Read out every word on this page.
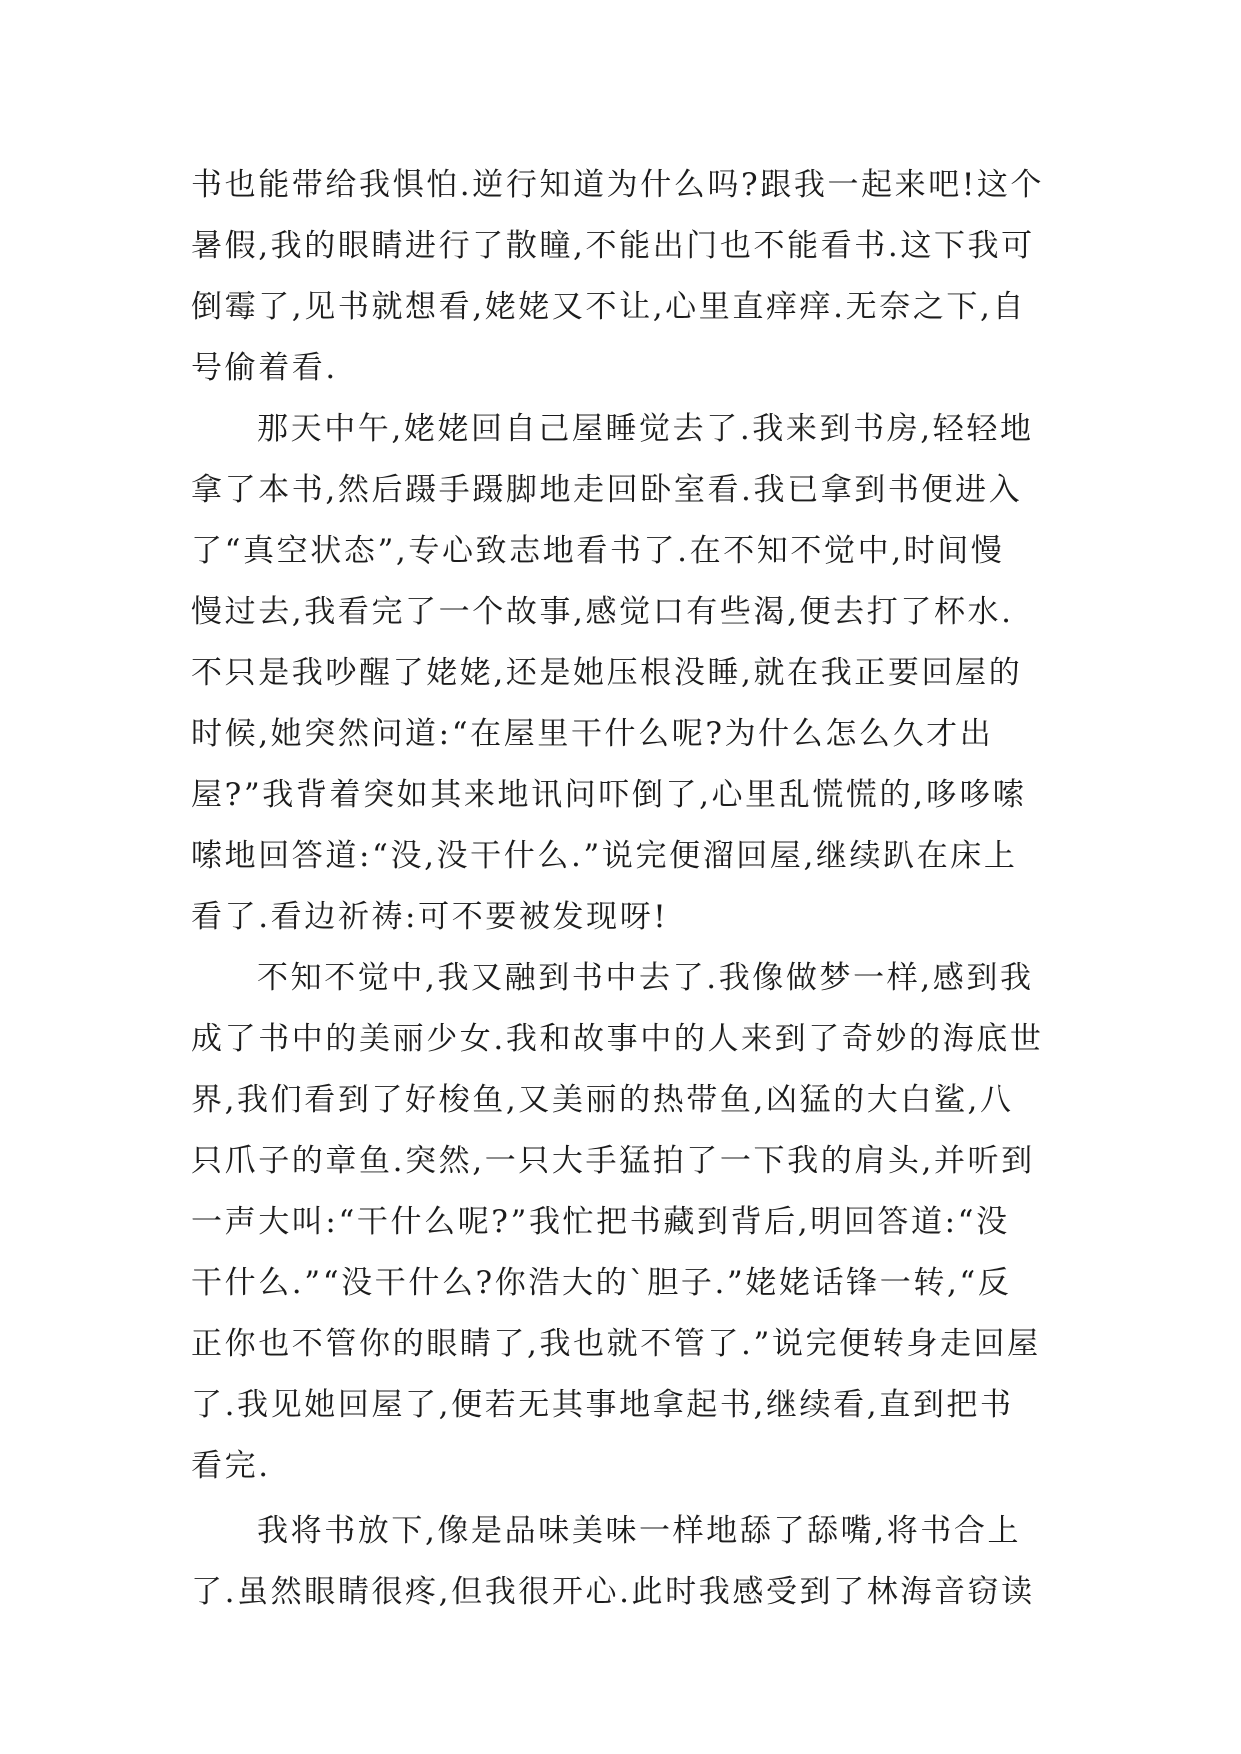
书也能带给我惧怕.逆行知道为什么吗?跟我一起来吧!这个
暑假,我的眼睛进行了散瞳,不能出门也不能看书.这下我可
倒霉了,见书就想看,姥姥又不让,心里直痒痒.无奈之下,自
号偷着看.
那天中午,姥姥回自己屋睡觉去了.我来到书房,轻轻地
拿了本书,然后蹑手蹑脚地走回卧室看.我已拿到书便进入
了“真空状态”,专心致志地看书了.在不知不觉中,时间慢
慢过去,我看完了一个故事,感觉口有些渴,便去打了杯水.
不只是我吵醒了姥姥,还是她压根没睡,就在我正要回屋的
时候,她突然问道:“在屋里干什么呢?为什么怎么久才出
屋?”我背着突如其来地讯问吓倒了,心里乱慌慌的,哆哆嗦
嗦地回答道:“没,没干什么.”说完便溜回屋,继续趴在床上
看了.看边祈祷:可不要被发现呀!
不知不觉中,我又融到书中去了.我像做梦一样,感到我
成了书中的美丽少女.我和故事中的人来到了奇妙的海底世
界,我们看到了好梭鱼,又美丽的热带鱼,凶猛的大白鲨,八
只爪子的章鱼.突然,一只大手猛拍了一下我的肩头,并听到
一声大叫:“干什么呢?”我忙把书藏到背后,明回答道:“没
干什么.”“没干什么?你浩大的`胆子.”姥姥话锋一转,“反
正你也不管你的眼睛了,我也就不管了.”说完便转身走回屋
了.我见她回屋了,便若无其事地拿起书,继续看,直到把书
看完.
我将书放下,像是品味美味一样地舔了舔嘴,将书合上
了.虽然眼睛很疼,但我很开心.此时我感受到了林海音窃读
